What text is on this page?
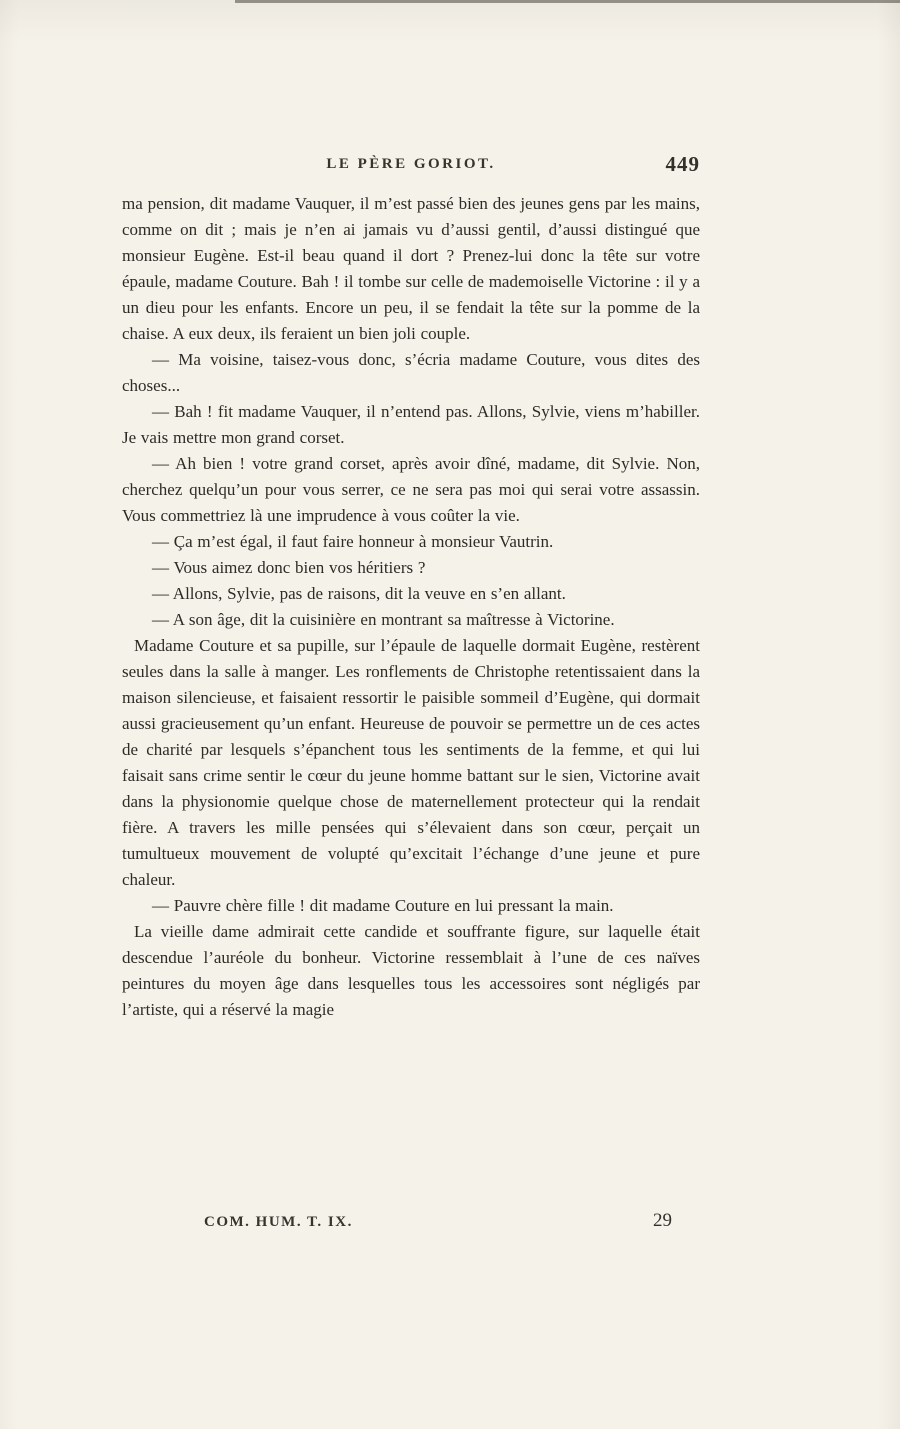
LE PÈRE GORIOT.	449

ma pension, dit madame Vauquer, il m’est passé bien des jeunes gens par les mains, comme on dit ; mais je n’en ai jamais vu d’aussi gentil, d’aussi distingué que monsieur Eugène. Est-il beau quand il dort ? Prenez-lui donc la tête sur votre épaule, madame Couture. Bah ! il tombe sur celle de mademoiselle Victorine : il y a un dieu pour les enfants. Encore un peu, il se fendait la tête sur la pomme de la chaise. A eux deux, ils feraient un bien joli couple.

— Ma voisine, taisez-vous donc, s’écria madame Couture, vous dites des choses...

— Bah ! fit madame Vauquer, il n’entend pas. Allons, Sylvie, viens m’habiller. Je vais mettre mon grand corset.

— Ah bien ! votre grand corset, après avoir dîné, madame, dit Sylvie. Non, cherchez quelqu’un pour vous serrer, ce ne sera pas moi qui serai votre assassin. Vous commettriez là une imprudence à vous coûter la vie.

— Ça m’est égal, il faut faire honneur à monsieur Vautrin.

— Vous aimez donc bien vos héritiers ?

— Allons, Sylvie, pas de raisons, dit la veuve en s’en allant.

— A son âge, dit la cuisinière en montrant sa maîtresse à Victorine.

Madame Couture et sa pupille, sur l’épaule de laquelle dormait Eugène, restèrent seules dans la salle à manger. Les ronflements de Christophe retentissaient dans la maison silencieuse, et faisaient ressortir le paisible sommeil d’Eugène, qui dormait aussi gracieusement qu’un enfant. Heureuse de pouvoir se permettre un de ces actes de charité par lesquels s’épanchent tous les sentiments de la femme, et qui lui faisait sans crime sentir le cœur du jeune homme battant sur le sien, Victorine avait dans la physionomie quelque chose de maternellement protecteur qui la rendait fière. A travers les mille pensées qui s’élevaient dans son cœur, perçait un tumultueux mouvement de volupté qu’excitait l’échange d’une jeune et pure chaleur.

— Pauvre chère fille ! dit madame Couture en lui pressant la main.

La vieille dame admirait cette candide et souffrante figure, sur laquelle était descendue l’auréole du bonheur. Victorine ressemblait à l’une de ces naïves peintures du moyen âge dans lesquelles tous les accessoires sont négligés par l’artiste, qui a réservé la magie

COM. HUM. T. IX.	29
